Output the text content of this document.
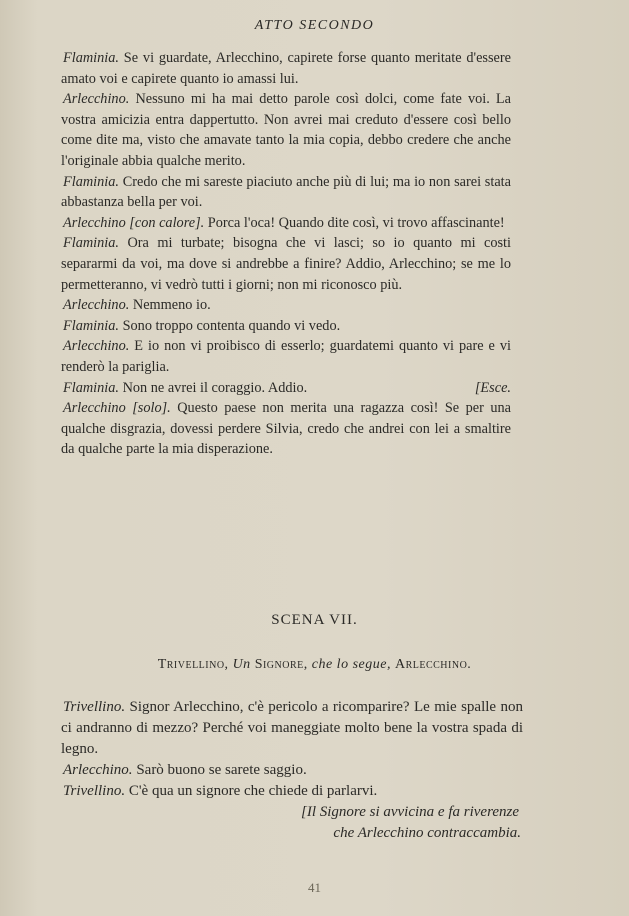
ATTO SECONDO
Flaminia. Se vi guardate, Arlecchino, capirete forse quanto meritate d'essere amato voi e capirete quanto io amassi lui.
Arlecchino. Nessuno mi ha mai detto parole così dolci, come fate voi. La vostra amicizia entra dappertutto. Non avrei mai creduto d'essere così bello come dite ma, visto che amavate tanto la mia copia, debbo credere che anche l'originale abbia qualche merito.
Flaminia. Credo che mi sareste piaciuto anche più di lui; ma io non sarei stata abbastanza bella per voi.
Arlecchino [con calore]. Porca l'oca! Quando dite così, vi trovo affascinante!
Flaminia. Ora mi turbate; bisogna che vi lasci; so io quanto mi costi separarmi da voi, ma dove si andrebbe a finire? Addio, Arlecchino; se me lo permetteranno, vi vedrò tutti i giorni; non mi riconosco più.
Arlecchino. Nemmeno io.
Flaminia. Sono troppo contenta quando vi vedo.
Arlecchino. E io non vi proibisco di esserlo; guardatemi quanto vi pare e vi renderò la pariglia.
Flaminia. Non ne avrei il coraggio. Addio.	[Esce.
Arlecchino [solo]. Questo paese non merita una ragazza così! Se per una qualche disgrazia, dovessi perdere Silvia, credo che andrei con lei a smaltire da qualche parte la mia disperazione.
SCENA VII.
Trivellino, Un Signore, che lo segue, Arlecchino.
Trivellino. Signor Arlecchino, c'è pericolo a ricomparire? Le mie spalle non ci andranno di mezzo? Perché voi maneggiate molto bene la vostra spada di legno.
Arlecchino. Sarò buono se sarete saggio.
Trivellino. C'è qua un signore che chiede di parlarvi.
[Il Signore si avvicina e fa riverenze
che Arlecchino contraccambia.
41
